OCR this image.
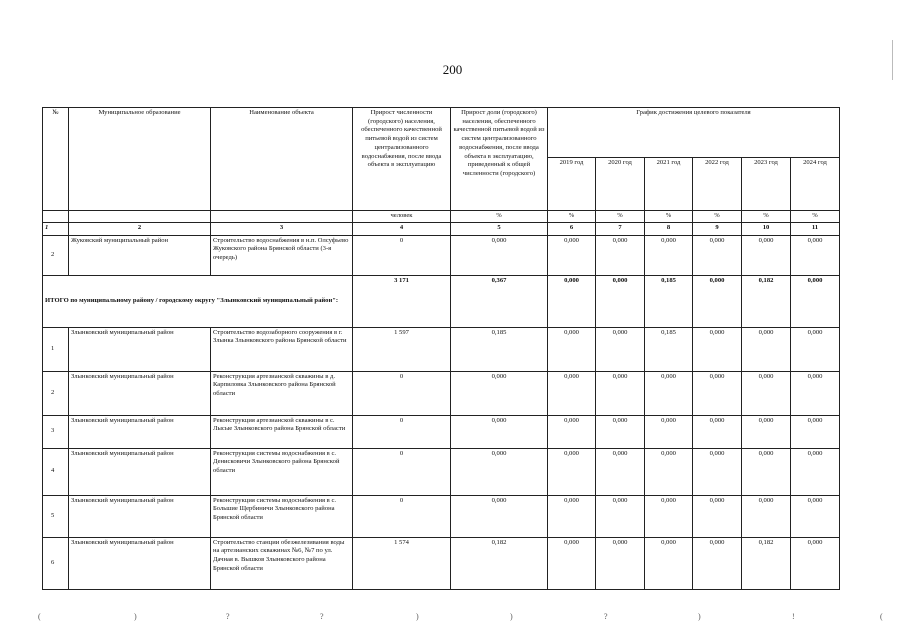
200
№	Муниципальное образование	Наименование объекта	Прирост численности (городского) населения, обеспеченного качественной питьевой водой из систем централизованного водоснабжения, после ввода объекта в эксплуатацию	Прирост доли (городского) населения, обеспеченного качественной питьевой водой из систем централизованного водоснабжения, после ввода объекта в эксплуатацию, приведенный к общей численности (городского)	График достижения целевого показателя					
					2019 год	2020 год	2021 год	2022 год	2023 год	2024 год
			человек	%	%	%	%	%	%	%
1	2	3	4	5	6	7	8	9	10	11
2	Жуковский муниципальный район	Строительство водоснабжения в н.п. Олсуфьево Жуковского района Брянской области (3-я очередь)	0	0,000	0,000	0,000	0,000	0,000	0,000	0,000
ИТОГО по муниципальному району / городскому округу "Злынковский муниципальный район":			3 171	0,367	0,000	0,000	0,185	0,000	0,182	0,000
1	Злынковский муниципальный район	Строительство водозаборного сооружения в г. Злынка Злынковского района Брянской области	1 597	0,185	0,000	0,000	0,185	0,000	0,000	0,000
2	Злынковский муниципальный район	Реконструкция артезианской скважины в д. Карпиловка Злынковского района Брянской области	0	0,000	0,000	0,000	0,000	0,000	0,000	0,000
3	Злынковский муниципальный район	Реконструкция артезианской скважины в с. Лысые Злынковского района Брянской области	0	0,000	0,000	0,000	0,000	0,000	0,000	0,000
4	Злынковский муниципальный район	Реконструкция системы водоснабжения в с. Денисковичи Злынковского района Брянской области	0	0,000	0,000	0,000	0,000	0,000	0,000	0,000
5	Злынковский муниципальный район	Реконструкция системы водоснабжения в с. Большие Щербиничи Злынковского района Брянской области	0	0,000	0,000	0,000	0,000	0,000	0,000	0,000
6	Злынковский муниципальный район	Строительство станции обезжелезивания воды на артезианских скважинах №6, №7 по ул. Дачная в. Вышков Злынковского района Брянской области	1 574	0,182	0,000	0,000	0,000	0,000	0,182	0,000
(	)	?	?	)	)	?	)	!	(
